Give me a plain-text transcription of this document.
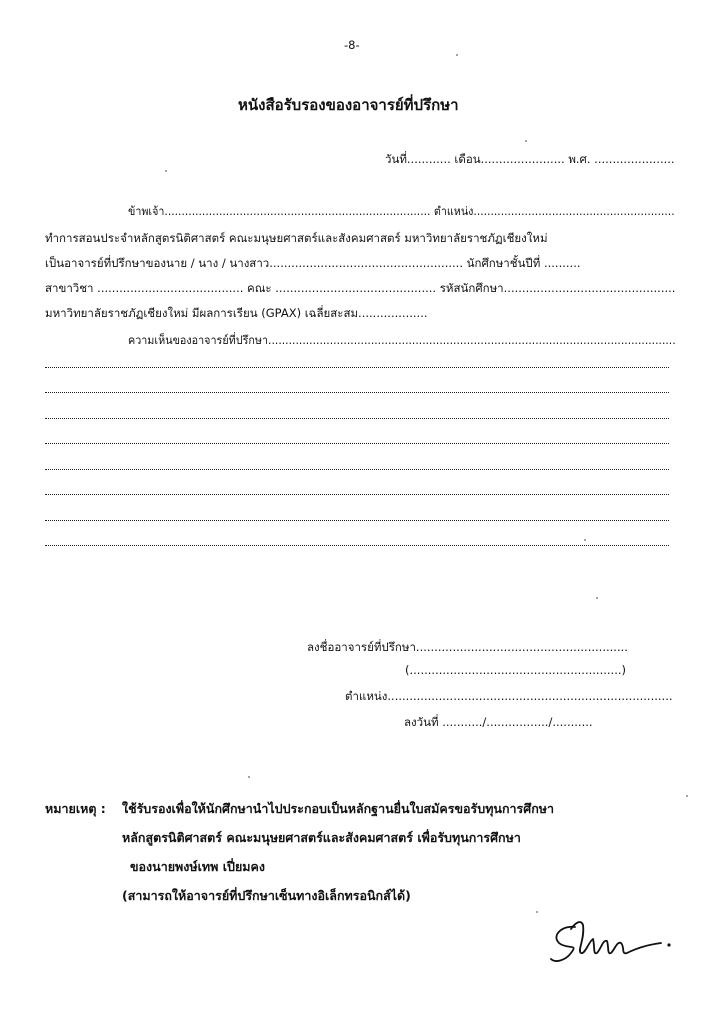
-8-
หนังสือรับรองของอาจารย์ที่ปรึกษา
วันที่............ เดือน....................... พ.ศ. ......................
ข้าพเจ้า.............................................................................. ตำแหน่ง...........................................................
ทำการสอนประจำหลักสูตรนิติศาสตร์ คณะมนุษยศาสตร์และสังคมศาสตร์ มหาวิทยาลัยราชภัฏเชียงใหม่
เป็นอาจารย์ที่ปรึกษาของนาย / นาง / นางสาว..................................................... นักศึกษาชั้นปีที่ ..........
สาขาวิชา ........................................ คณะ ............................................ รหัสนักศึกษา...............................................
มหาวิทยาลัยราชภัฏเชียงใหม่ มีผลการเรียน (GPAX) เฉลี่ยสะสม...................
ความเห็นของอาจารย์ที่ปรึกษา.......................................................................................................................
ลงชื่ออาจารย์ที่ปรึกษา..........................................................
(..........................................................)
ตำแหน่ง..............................................................................
ลงวันที่ .........../................./...........
หมายเหตุ : ใช้รับรองเพื่อให้นักศึกษานำไปประกอบเป็นหลักฐานยื่นใบสมัครขอรับทุนการศึกษา
หลักสูตรนิติศาสตร์ คณะมนุษยศาสตร์และสังคมศาสตร์ เพื่อรับทุนการศึกษา
ของนายพงษ์เทพ เปี่ยมคง
(สามารถให้อาจารย์ที่ปรึกษาเซ็นทางอิเล็กทรอนิกส์ได้)
